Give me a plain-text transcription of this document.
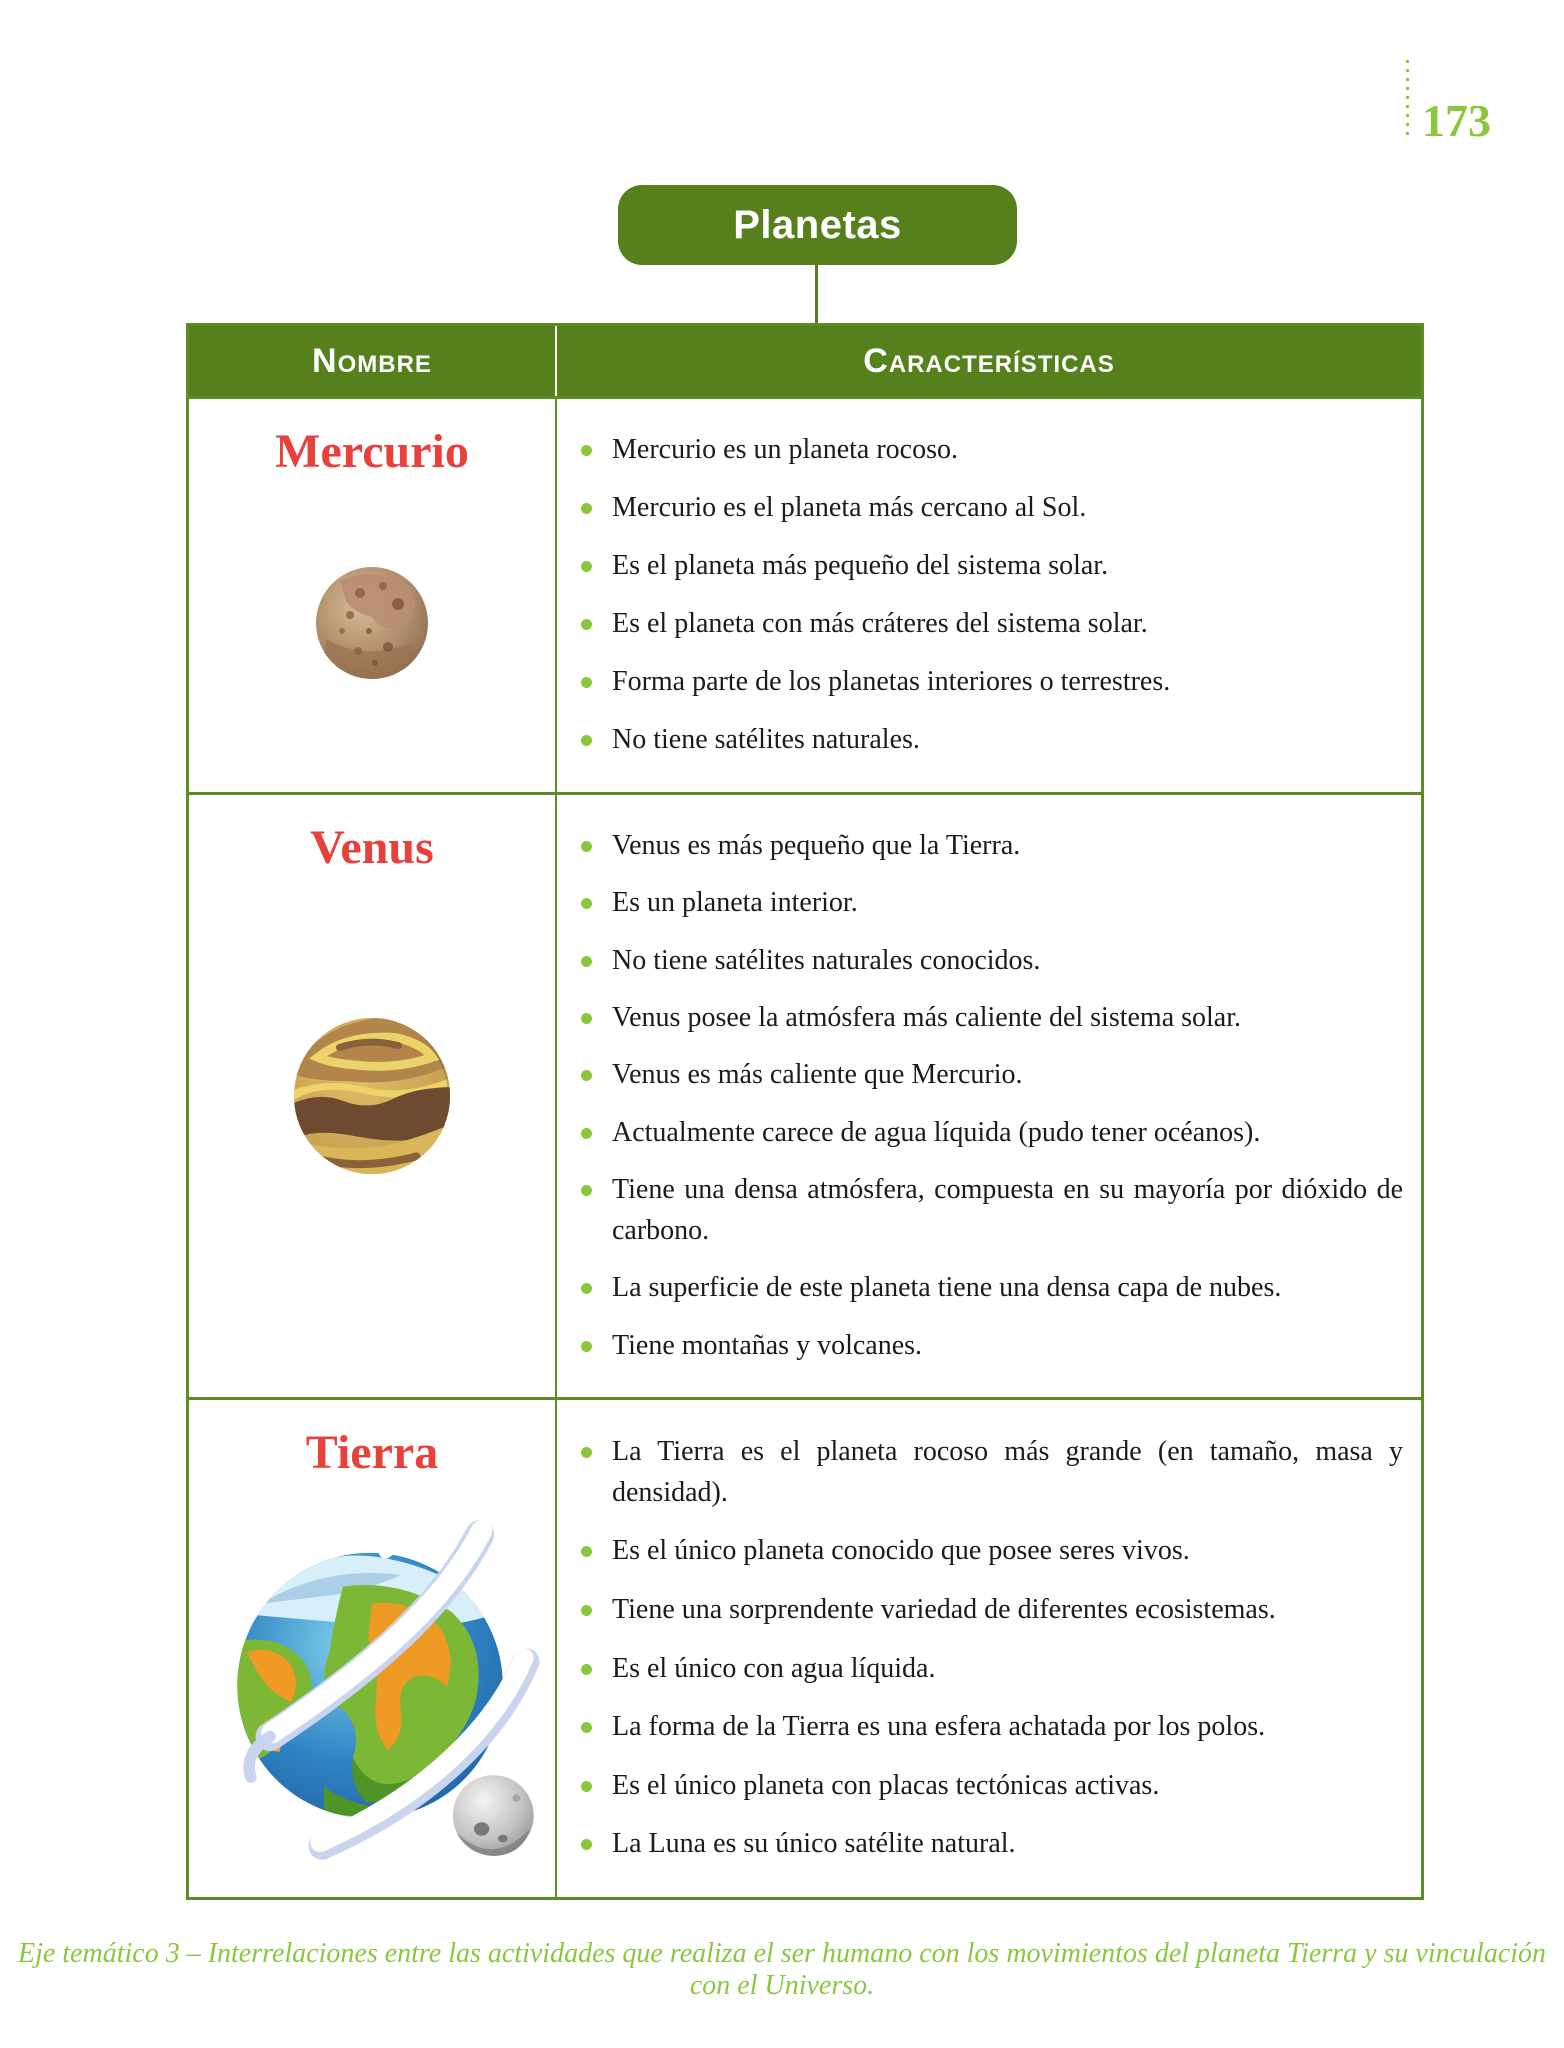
173
Planetas
Nombre	Características
Mercurio	Mercurio es un planeta rocoso.
Mercurio es el planeta más cercano al Sol.
Es el planeta más pequeño del sistema solar.
Es el planeta con más cráteres del sistema solar.
Forma parte de los planetas interiores o terrestres.
No tiene satélites naturales.
Venus	Venus es más pequeño que la Tierra.
Es un planeta interior.
No tiene satélites naturales conocidos.
Venus posee la atmósfera más caliente del sistema solar.
Venus es más caliente que Mercurio.
Actualmente carece de agua líquida (pudo tener océanos).
Tiene una densa atmósfera, compuesta en su mayoría por dióxido de carbono.
La superficie de este planeta tiene una densa capa de nubes.
Tiene montañas y volcanes.
Tierra	La Tierra es el planeta rocoso más grande (en tamaño, masa y densidad).
Es el único planeta conocido que posee seres vivos.
Tiene una sorprendente variedad de diferentes ecosistemas.
Es el único con agua líquida.
La forma de la Tierra es una esfera achatada por los polos.
Es el único planeta con placas tectónicas activas.
La Luna es su único satélite natural.
Eje temático 3 – Interrelaciones entre las actividades que realiza el ser humano con los movimientos del planeta Tierra y su vinculación con el Universo.
